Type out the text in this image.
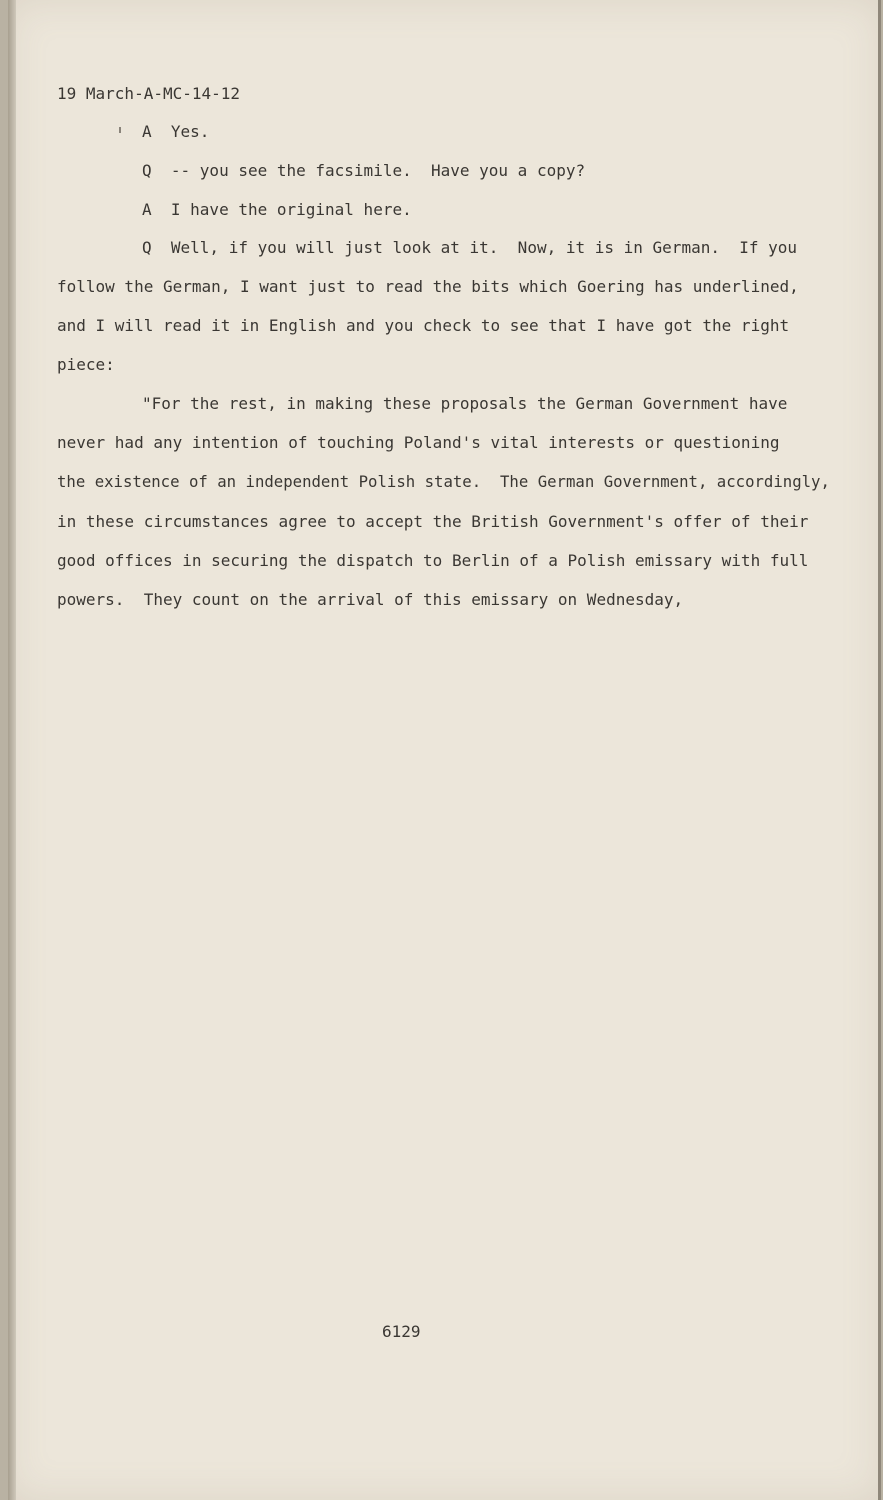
19 March-A-MC-14-12
A  Yes.
Q  -- you see the facsimile.  Have you a copy?
A  I have the original here.
Q  Well, if you will just look at it.  Now, it is in German.  If you
follow the German, I want just to read the bits which Goering has underlined,
and I will read it in English and you check to see that I have got the right
piece:
"For the rest, in making these proposals the German Government have
never had any intention of touching Poland's vital interests or questioning
the existence of an independent Polish state.  The German Government, accordingly,
in these circumstances agree to accept the British Government's offer of their
good offices in securing the dispatch to Berlin of a Polish emissary with full
powers.  They count on the arrival of this emissary on Wednesday,
6129
